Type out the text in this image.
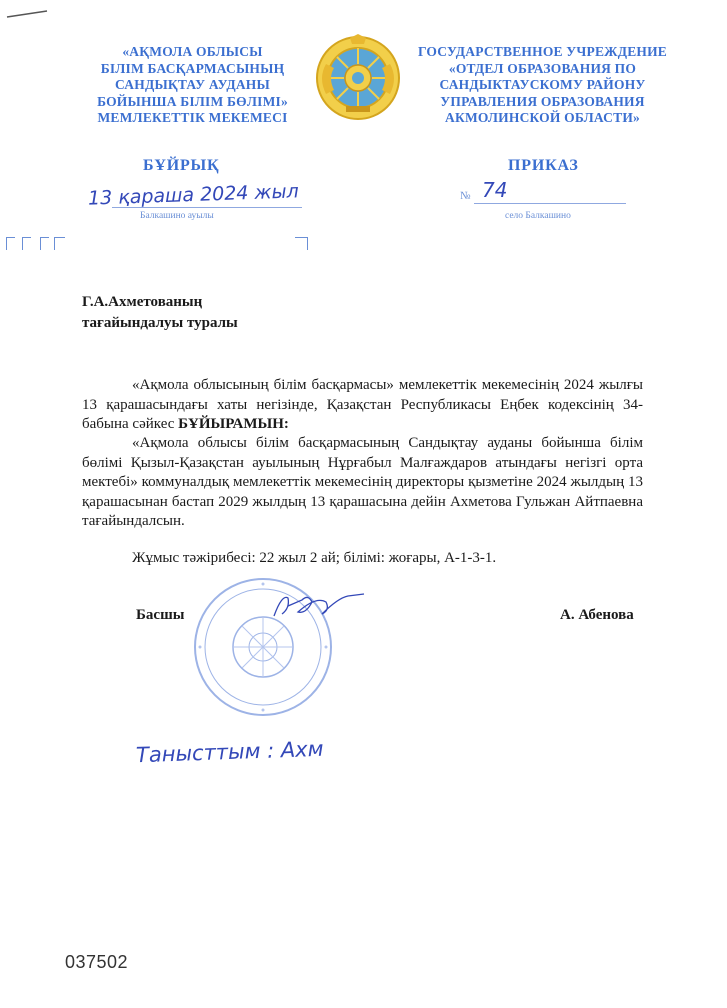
«АҚМОЛА ОБЛЫСЫ
БІЛІМ БАСҚАРМАСЫНЫҢ
САНДЫҚТАУ АУДАНЫ
БОЙЫНША БІЛІМ БӨЛІМІ»
МЕМЛЕКЕТТІК МЕКЕМЕСІ
ГОСУДАРСТВЕННОЕ УЧРЕЖДЕНИЕ
«ОТДЕЛ ОБРАЗОВАНИЯ ПО
САНДЫКТАУСКОМУ РАЙОНУ
УПРАВЛЕНИЯ ОБРАЗОВАНИЯ
АКМОЛИНСКОЙ ОБЛАСТИ»
БҰЙРЫҚ	ПРИКАЗ
13 қараша 2024 жыл
Балкашино ауылы
№ 74
село Балкашино
Г.А.Ахметованың
тағайындалуы туралы
«Ақмола облысының білім басқармасы» мемлекеттік мекемесінің 2024 жылғы 13 қарашасындағы хаты негізінде, Қазақстан Республикасы Еңбек кодексінің 34-бабына сәйкес БҰЙЫРАМЫН:
«Ақмола облысы білім басқармасының Сандықтау ауданы бойынша білім бөлімі Қызыл-Қазақстан ауылының Нұрғабыл Малғаждаров атындағы негізгі орта мектебі» коммуналдық мемлекеттік мекемесінің директоры қызметіне 2024 жылдың 13 қарашасынан бастап 2029 жылдың 13 қарашасына дейін Ахметова Гульжан Айтпаевна тағайындалсын.
Жұмыс тәжірибесі: 22 жыл 2 ай; білімі: жоғары, А-1-3-1.
Басшы	А. Абенова
Танысттым : Ахм
037502
